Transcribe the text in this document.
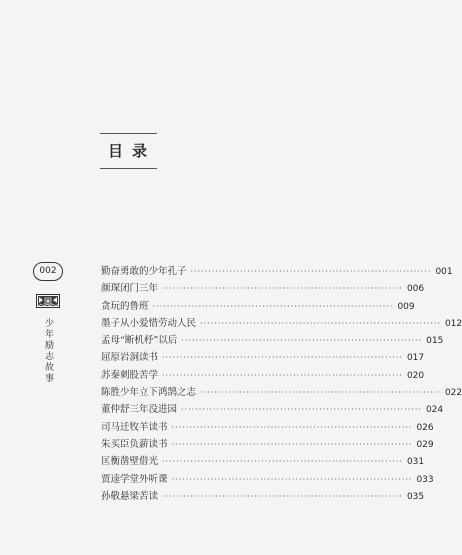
目录
002
少年励志故事
勤奋勇敢的少年孔子 ···································································· 001
颜琛闭门三年 ···································································· 006
贪玩的鲁班 ···································································· 009
墨子从小爱惜劳动人民 ···································································· 012
孟母“断机杼”以后 ···································································· 015
屈原岩洞读书 ···································································· 017
苏秦刺股苦学 ···································································· 020
陈胜少年立下鸿鹄之志 ···································································· 022
董仲舒三年没进园 ···································································· 024
司马迁牧羊读书 ···································································· 026
朱买臣负薪读书 ···································································· 029
匡衡凿壁借光 ···································································· 031
贾逵学堂外听课 ···································································· 033
孙敬悬梁苦读 ···································································· 035
